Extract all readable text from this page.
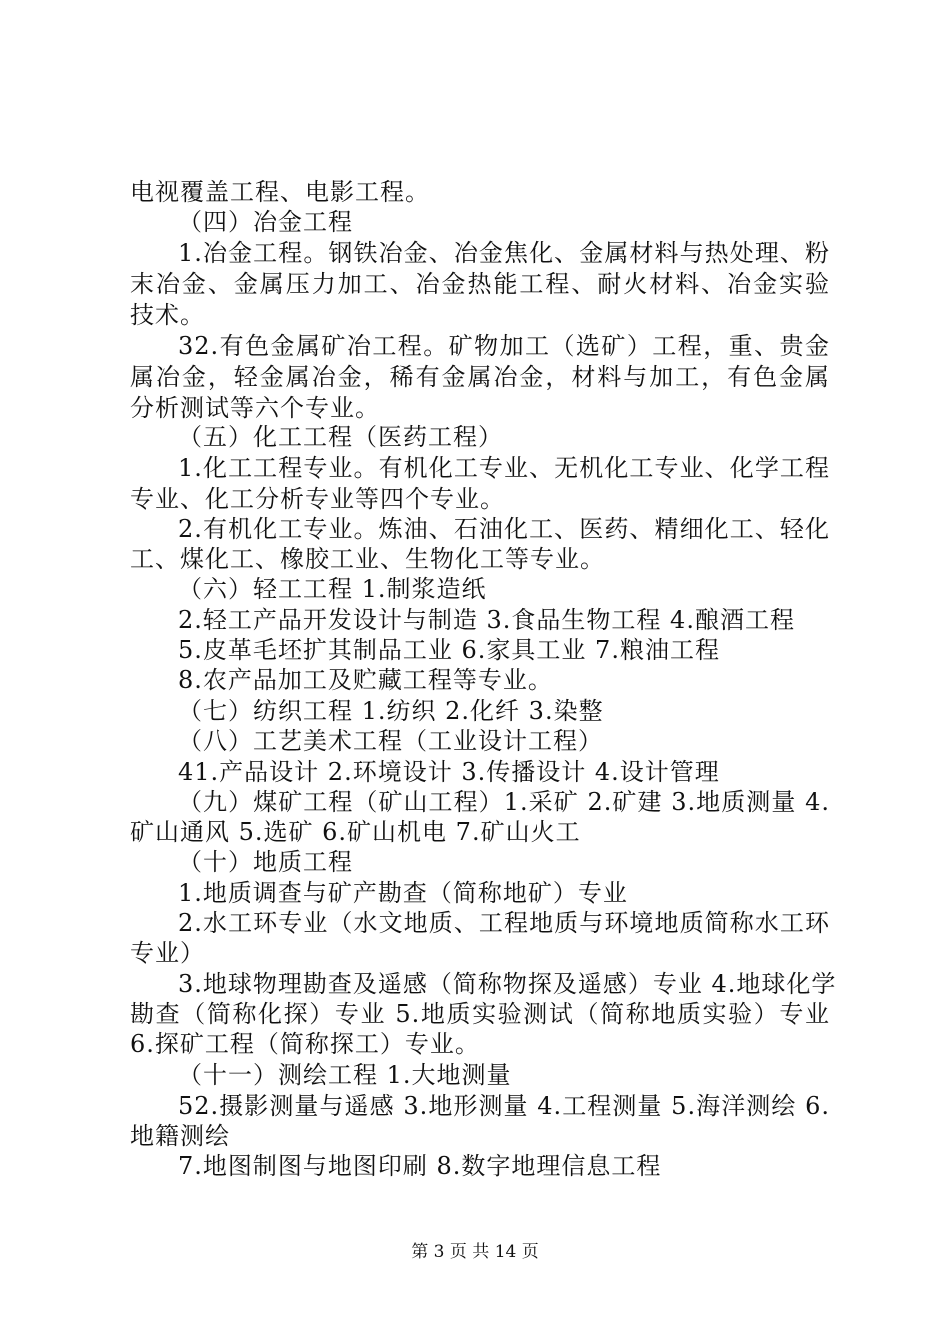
电视覆盖工程、电影工程。
（四）冶金工程
1.冶金工程。钢铁冶金、冶金焦化、金属材料与热处理、粉
末冶金、金属压力加工、冶金热能工程、耐火材料、冶金实验
技术。
32.有色金属矿冶工程。矿物加工（选矿）工程，重、贵金
属冶金，轻金属冶金，稀有金属冶金，材料与加工，有色金属
分析测试等六个专业。
（五）化工工程（医药工程）
1.化工工程专业。有机化工专业、无机化工专业、化学工程
专业、化工分析专业等四个专业。
2.有机化工专业。炼油、石油化工、医药、精细化工、轻化
工、煤化工、橡胶工业、生物化工等专业。
（六）轻工工程 1.制浆造纸
2.轻工产品开发设计与制造 3.食品生物工程 4.酿酒工程
5.皮革毛坯扩其制品工业 6.家具工业 7.粮油工程
8.农产品加工及贮藏工程等专业。
（七）纺织工程 1.纺织 2.化纤 3.染整
（八）工艺美术工程（工业设计工程）
41.产品设计 2.环境设计 3.传播设计 4.设计管理
（九）煤矿工程（矿山工程）1.采矿 2.矿建 3.地质测量 4.
矿山通风 5.选矿 6.矿山机电 7.矿山火工
（十）地质工程
1.地质调查与矿产勘查（简称地矿）专业
2.水工环专业（水文地质、工程地质与环境地质简称水工环
专业）
3.地球物理勘查及遥感（简称物探及遥感）专业 4.地球化学
勘查（简称化探）专业 5.地质实验测试（简称地质实验）专业
6.探矿工程（简称探工）专业。
（十一）测绘工程 1.大地测量
52.摄影测量与遥感 3.地形测量 4.工程测量 5.海洋测绘 6.
地籍测绘
7.地图制图与地图印刷 8.数字地理信息工程
第 3 页 共 14 页
